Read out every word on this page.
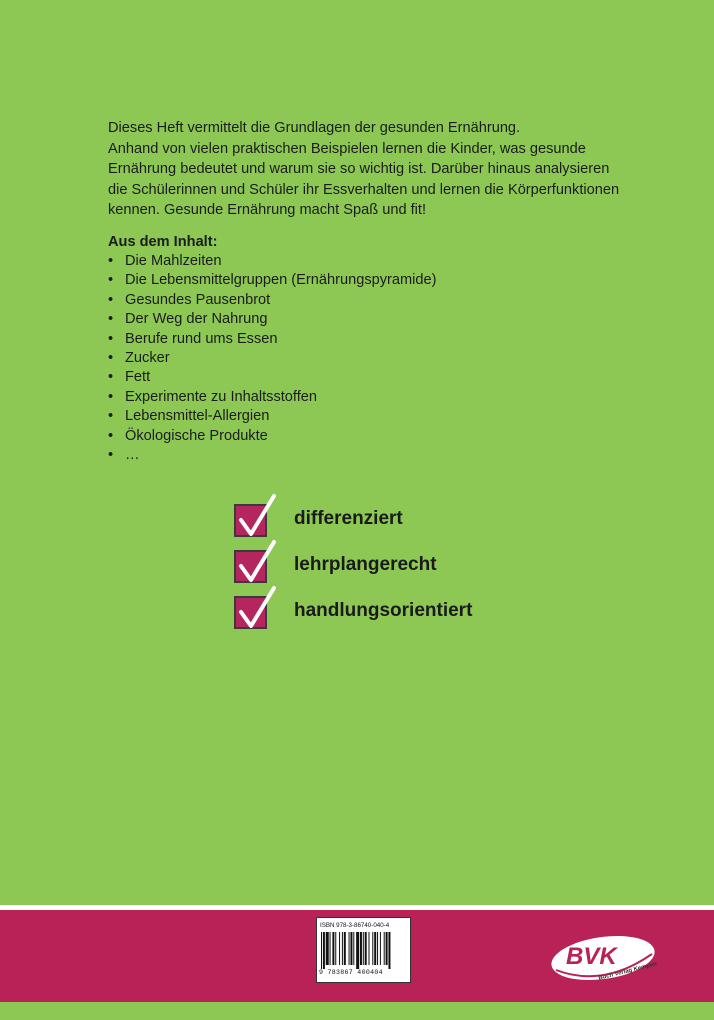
Dieses Heft vermittelt die Grundlagen der gesunden Ernährung.
Anhand von vielen praktischen Beispielen lernen die Kinder, was gesunde
Ernährung bedeutet und warum sie so wichtig ist. Darüber hinaus analysieren
die Schülerinnen und Schüler ihr Essverhalten und lernen die Körperfunktionen
kennen. Gesunde Ernährung macht Spaß und fit!

Aus dem Inhalt:

• Die Mahlzeiten
• Die Lebensmittelgruppen (Ernährungspyramide)
• Gesundes Pausenbrot
• Der Weg der Nahrung
• Berufe rund ums Essen
• Zucker
• Fett
• Experimente zu Inhaltsstoffen
• Lebensmittel-Allergien
• Ökologische Produkte
• …
differenziert
lehrplangerecht
handlungsorientiert
ISBN 978-3-86740-040-4
9 783867 400404
BVK
Buch Verlag Kempen
